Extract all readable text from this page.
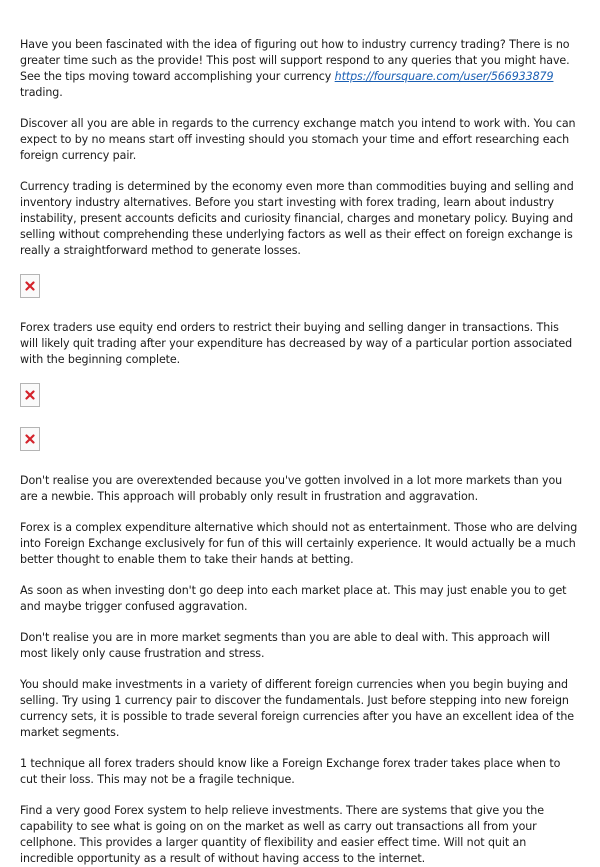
Have you been fascinated with the idea of figuring out how to industry currency trading? There is no greater time such as the provide! This post will support respond to any queries that you might have. See the tips moving toward accomplishing your currency https://foursquare.com/user/566933879 trading.

Discover all you are able in regards to the currency exchange match you intend to work with. You can expect to by no means start off investing should you stomach your time and effort researching each foreign currency pair.

Currency trading is determined by the economy even more than commodities buying and selling and inventory industry alternatives. Before you start investing with forex trading, learn about industry instability, present accounts deficits and curiosity financial, charges and monetary policy. Buying and selling without comprehending these underlying factors as well as their effect on foreign exchange is really a straightforward method to generate losses.

Forex traders use equity end orders to restrict their buying and selling danger in transactions. This will likely quit trading after your expenditure has decreased by way of a particular portion associated with the beginning complete.

Don't realise you are overextended because you've gotten involved in a lot more markets than you are a newbie. This approach will probably only result in frustration and aggravation.

Forex is a complex expenditure alternative which should not as entertainment. Those who are delving into Foreign Exchange exclusively for fun of this will certainly experience. It would actually be a much better thought to enable them to take their hands at betting.

As soon as when investing don't go deep into each market place at. This may just enable you to get and maybe trigger confused aggravation.

Don't realise you are in more market segments than you are able to deal with. This approach will most likely only cause frustration and stress.

You should make investments in a variety of different foreign currencies when you begin buying and selling. Try using 1 currency pair to discover the fundamentals. Just before stepping into new foreign currency sets, it is possible to trade several foreign currencies after you have an excellent idea of the market segments.

1 technique all forex traders should know like a Foreign Exchange forex trader takes place when to cut their loss. This may not be a fragile technique.

Find a very good Forex system to help relieve investments. There are systems that give you the capability to see what is going on on the market as well as carry out transactions all from your cellphone. This provides a larger quantity of flexibility and easier effect time. Will not quit an incredible opportunity as a result of without having access to the internet.
